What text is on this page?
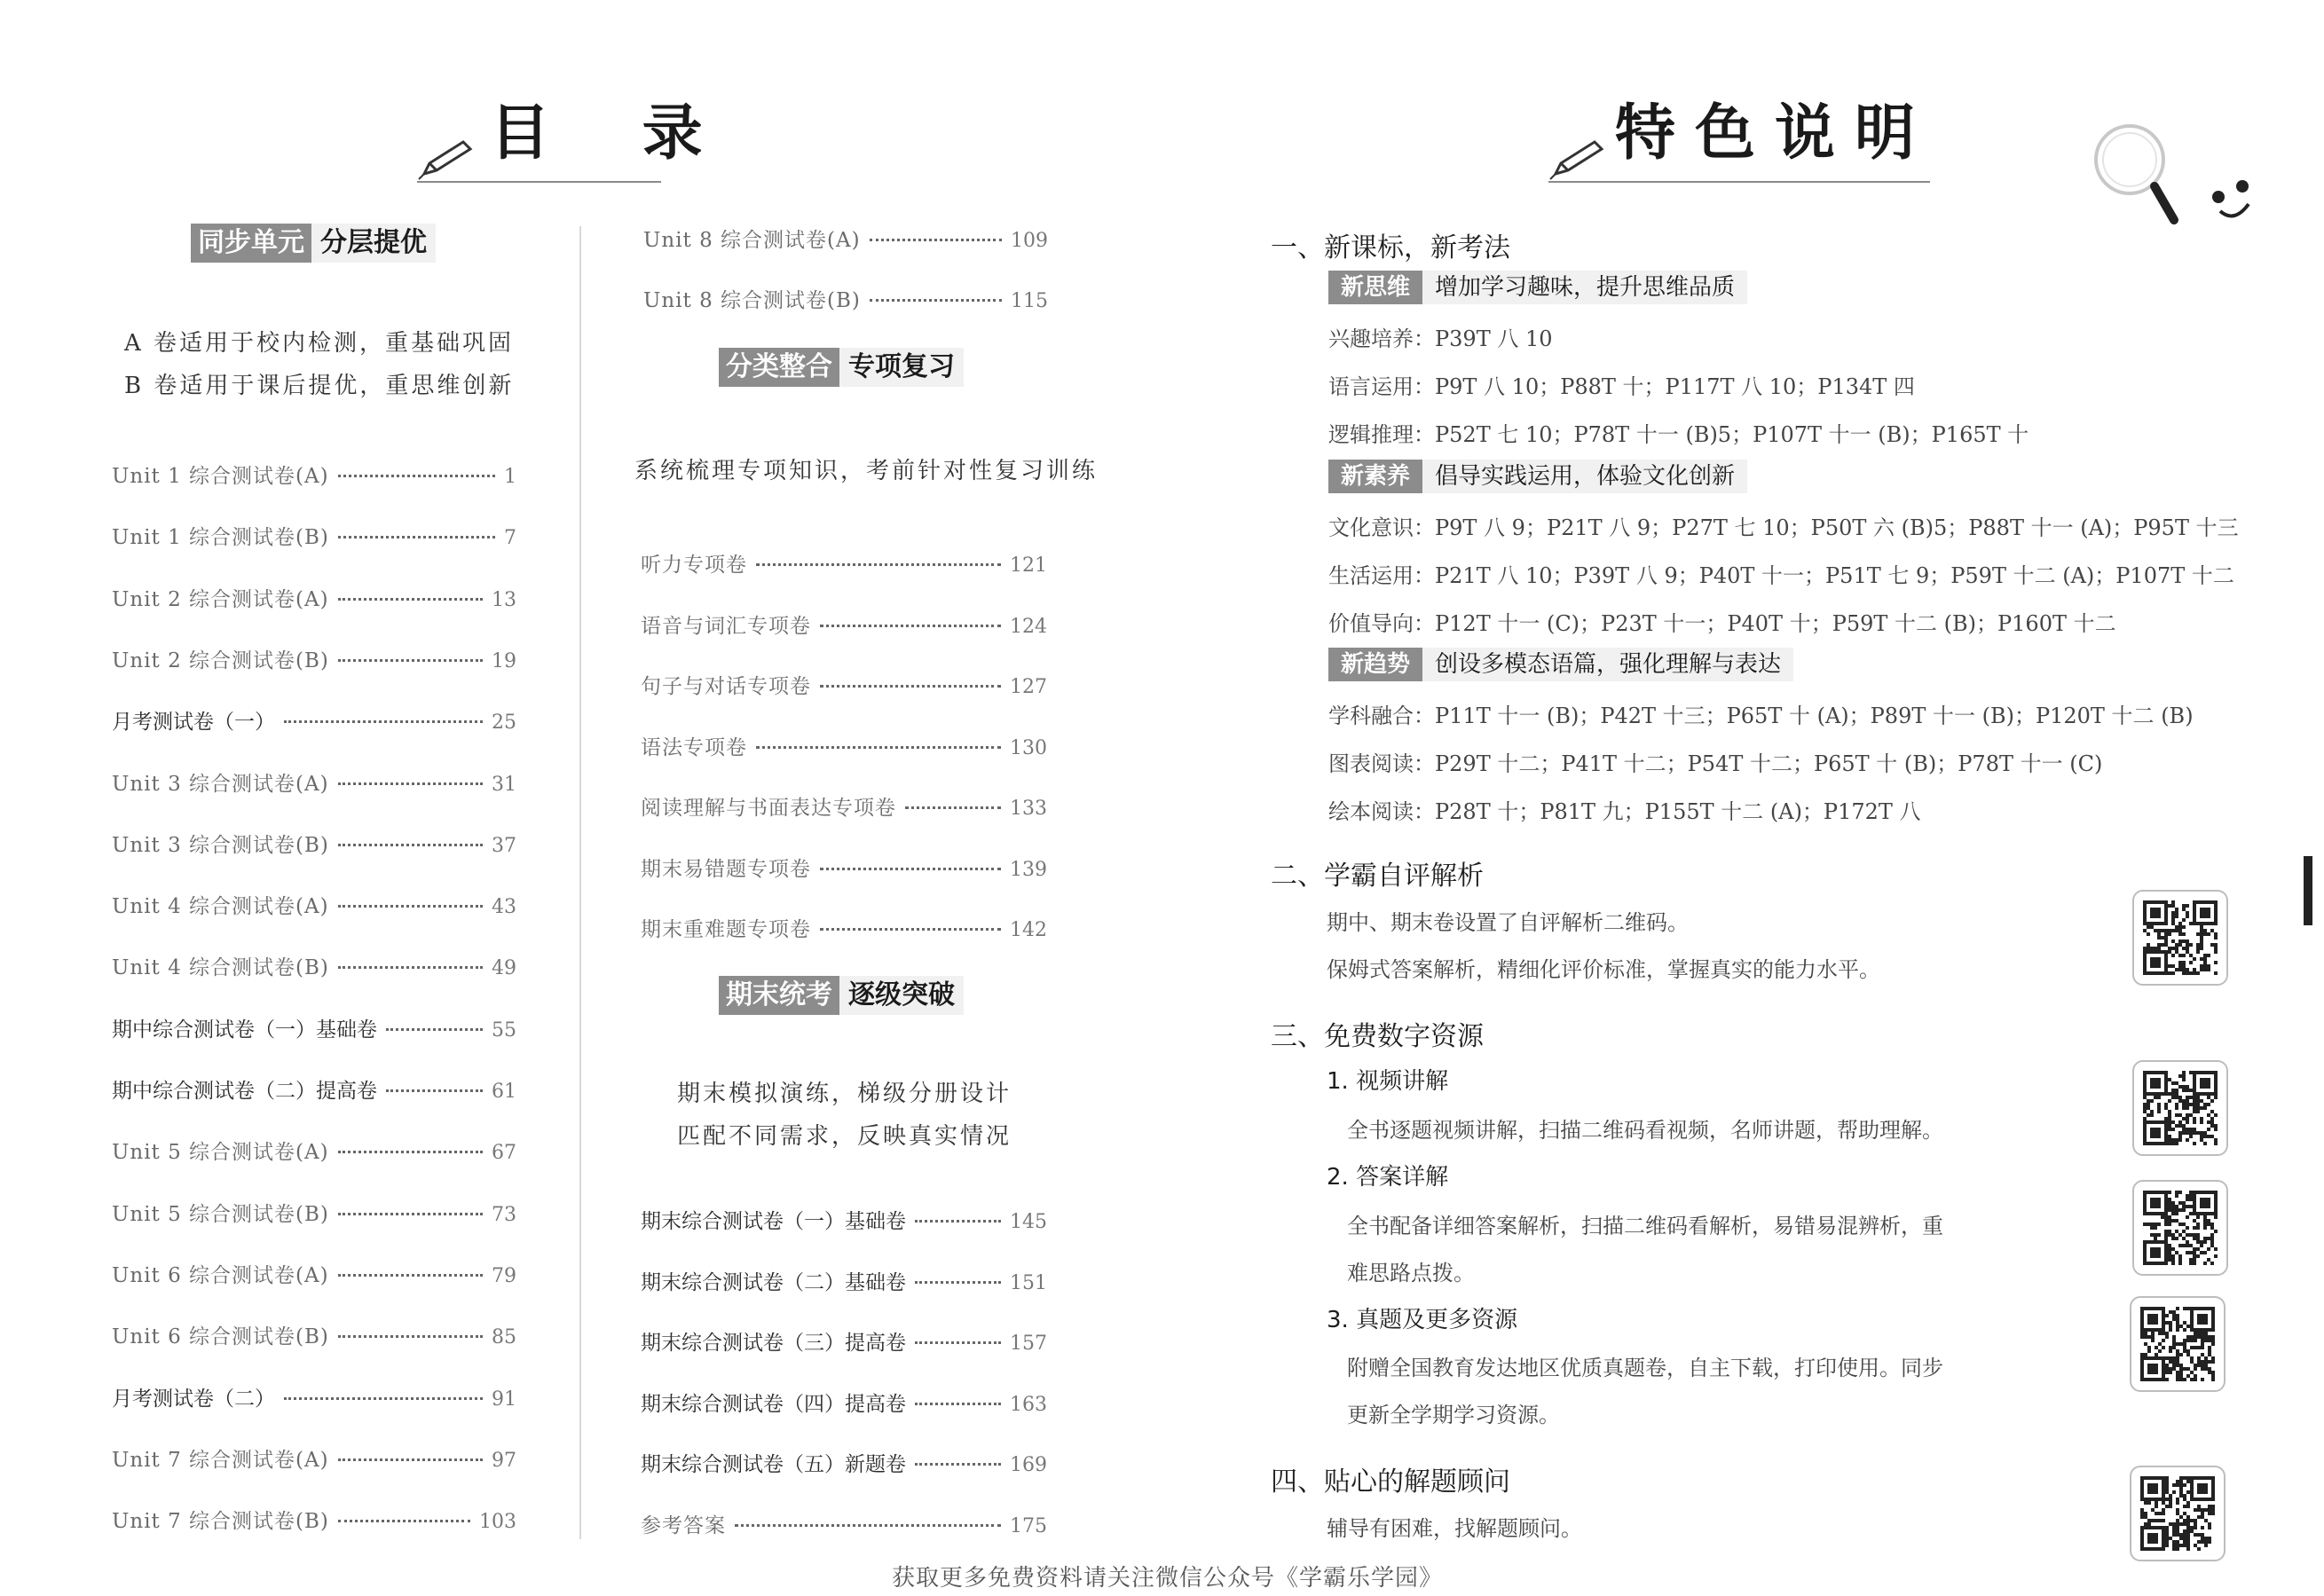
目 录
同步单元 分层提优
A 卷适用于校内检测，重基础巩固
B 卷适用于课后提优，重思维创新
Unit 1 综合测试卷(A)	1
Unit 1 综合测试卷(B)	7
Unit 2 综合测试卷(A)	13
Unit 2 综合测试卷(B)	19
月考测试卷（一）	25
Unit 3 综合测试卷(A)	31
Unit 3 综合测试卷(B)	37
Unit 4 综合测试卷(A)	43
Unit 4 综合测试卷(B)	49
期中综合测试卷（一）基础卷	55
期中综合测试卷（二）提高卷	61
Unit 5 综合测试卷(A)	67
Unit 5 综合测试卷(B)	73
Unit 6 综合测试卷(A)	79
Unit 6 综合测试卷(B)	85
月考测试卷（二）	91
Unit 7 综合测试卷(A)	97
Unit 7 综合测试卷(B)	103
Unit 8 综合测试卷(A)	109
Unit 8 综合测试卷(B)	115
分类整合 专项复习
系统梳理专项知识，考前针对性复习训练
听力专项卷	121
语音与词汇专项卷	124
句子与对话专项卷	127
语法专项卷	130
阅读理解与书面表达专项卷	133
期末易错题专项卷	139
期末重难题专项卷	142
期末统考 逐级突破
期末模拟演练，梯级分册设计
匹配不同需求，反映真实情况
期末综合测试卷（一）基础卷	145
期末综合测试卷（二）基础卷	151
期末综合测试卷（三）提高卷	157
期末综合测试卷（四）提高卷	163
期末综合测试卷（五）新题卷	169
参考答案	175
特色说明
一、新课标，新考法
新思维	增加学习趣味，提升思维品质
兴趣培养：P39T 八 10
语言运用：P9T 八 10；P88T 十；P117T 八 10；P134T 四
逻辑推理：P52T 七 10；P78T 十一 (B)5；P107T 十一 (B)；P165T 十
新素养	倡导实践运用，体验文化创新
文化意识：P9T 八 9；P21T 八 9；P27T 七 10；P50T 六 (B)5；P88T 十一 (A)；P95T 十三
生活运用：P21T 八 10；P39T 八 9；P40T 十一；P51T 七 9；P59T 十二 (A)；P107T 十二
价值导向：P12T 十一 (C)；P23T 十一；P40T 十；P59T 十二 (B)；P160T 十二
新趋势	创设多模态语篇，强化理解与表达
学科融合：P11T 十一 (B)；P42T 十三；P65T 十 (A)；P89T 十一 (B)；P120T 十二 (B)
图表阅读：P29T 十二；P41T 十二；P54T 十二；P65T 十 (B)；P78T 十一 (C)
绘本阅读：P28T 十；P81T 九；P155T 十二 (A)；P172T 八
二、学霸自评解析
期中、期末卷设置了自评解析二维码。
保姆式答案解析，精细化评价标准，掌握真实的能力水平。
三、免费数字资源
1. 视频讲解
全书逐题视频讲解，扫描二维码看视频，名师讲题，帮助理解。
2. 答案详解
全书配备详细答案解析，扫描二维码看解析，易错易混辨析，重
难思路点拨。
3. 真题及更多资源
附赠全国教育发达地区优质真题卷，自主下载，打印使用。同步
更新全学期学习资源。
四、贴心的解题顾问
辅导有困难，找解题顾问。
获取更多免费资料请关注微信公众号《学霸乐学园》
